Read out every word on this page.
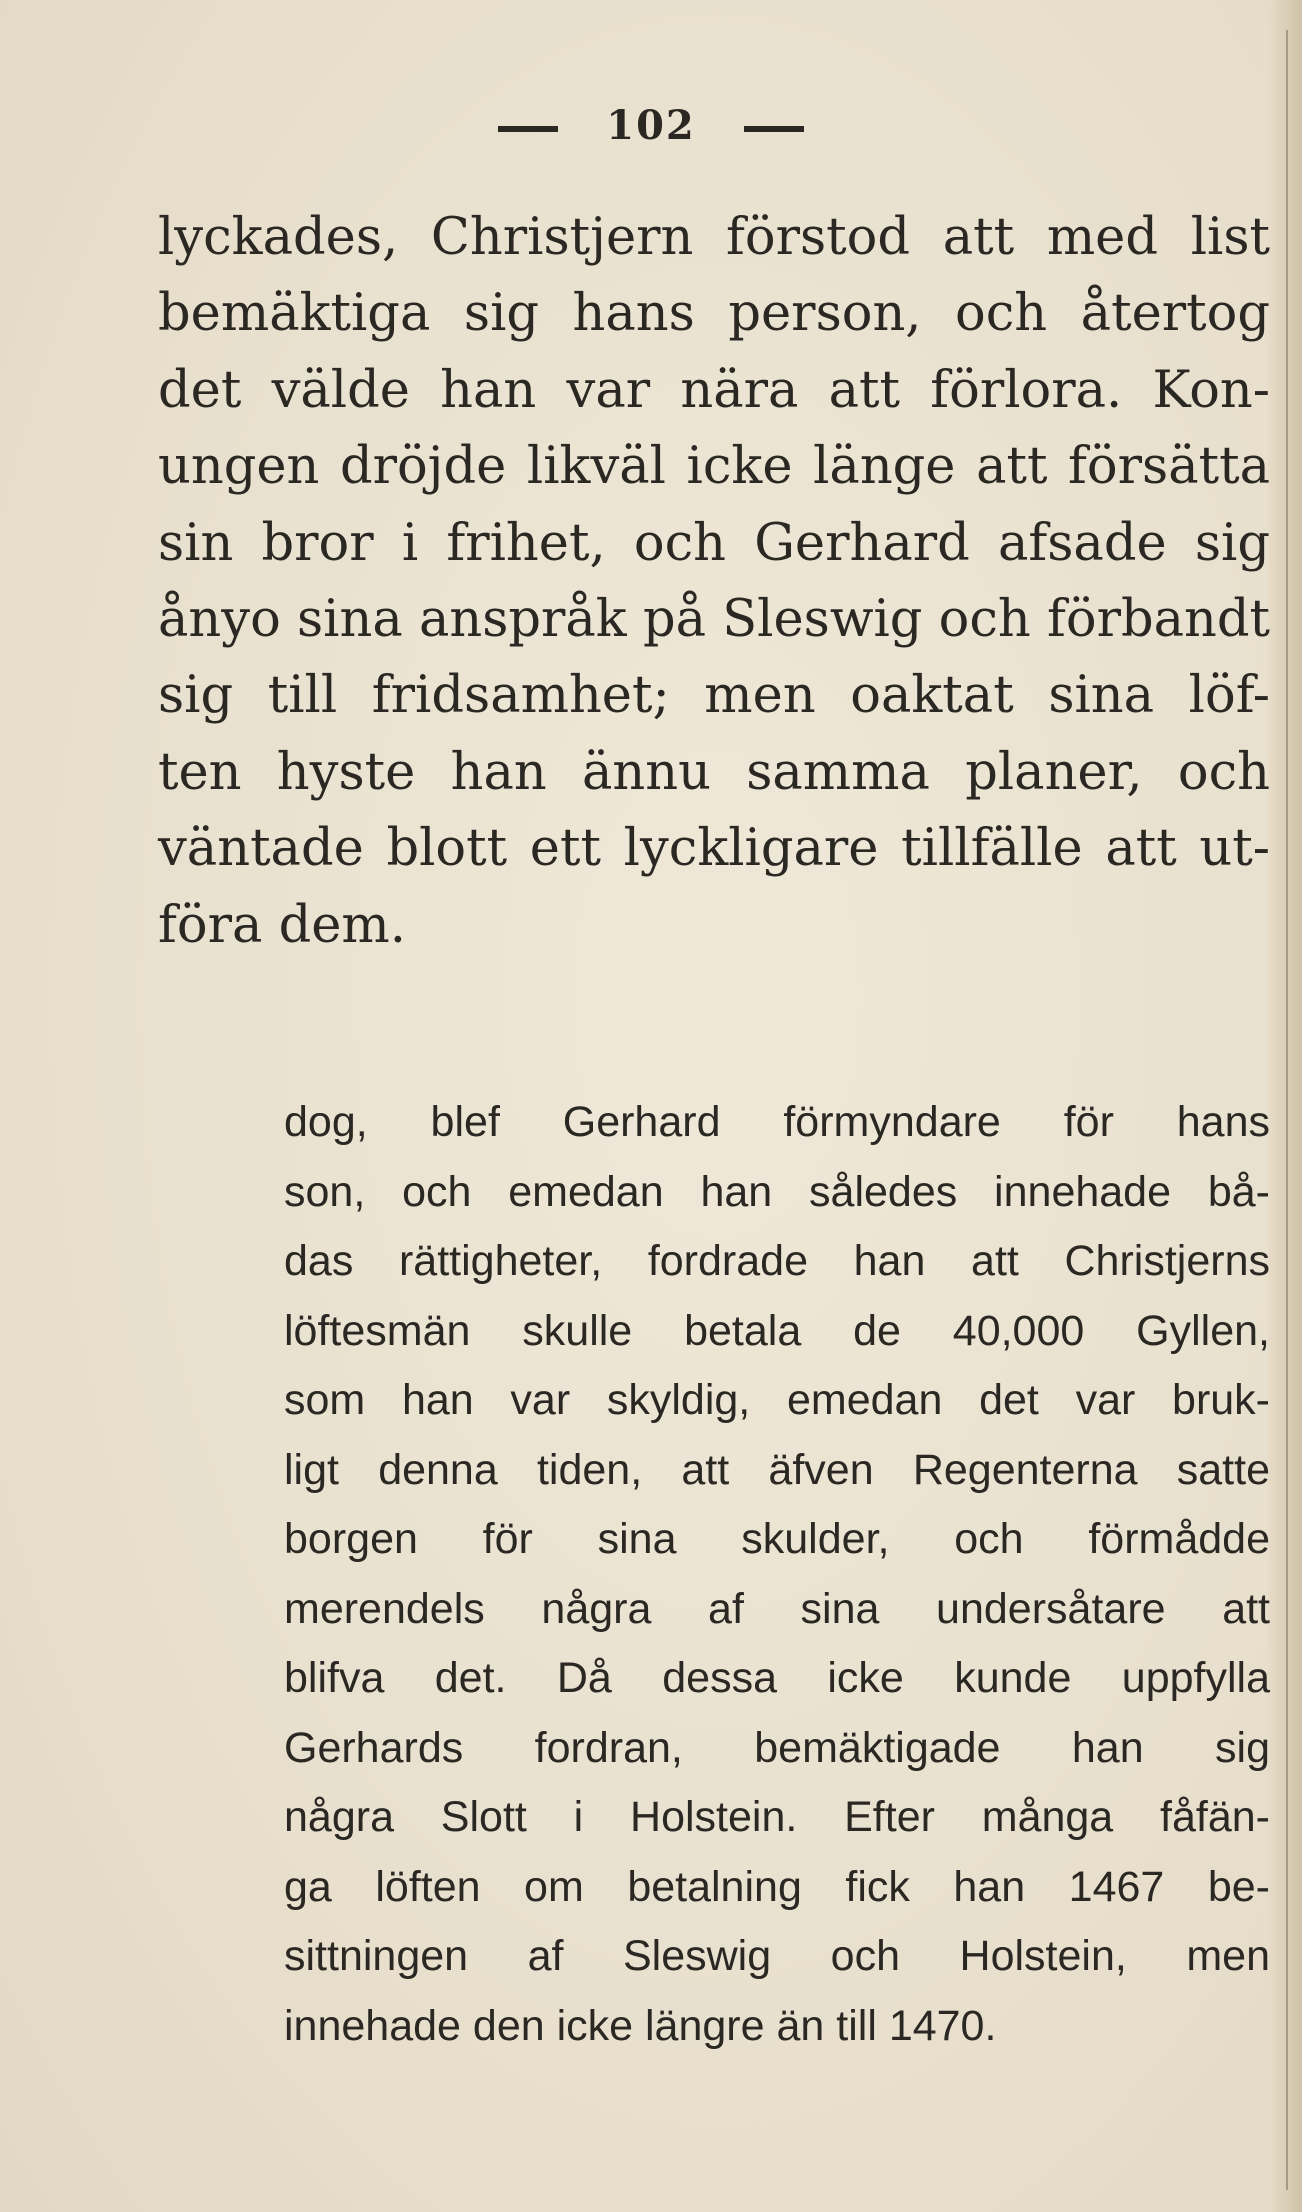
102
lyckades, Christjern förstod att med list
bemäktiga sig hans person, och återtog
det välde han var nära att förlora. Kon-
ungen dröjde likväl icke länge att försätta
sin bror i frihet, och Gerhard afsade sig
ånyo sina anspråk på Sleswig och förbandt
sig till fridsamhet; men oaktat sina löf-
ten hyste han ännu samma planer, och
väntade blott ett lyckligare tillfälle att ut-
föra dem.
dog, blef Gerhard förmyndare för hans
son, och emedan han således innehade bå-
das rättigheter, fordrade han att Christjerns
löftesmän skulle betala de 40,000 Gyllen,
som han var skyldig, emedan det var bruk-
ligt denna tiden, att äfven Regenterna satte
borgen för sina skulder, och förmådde
merendels några af sina undersåtare att
blifva det. Då dessa icke kunde uppfylla
Gerhards fordran, bemäktigade han sig
några Slott i Holstein. Efter många fåfän-
ga löften om betalning fick han 1467 be-
sittningen af Sleswig och Holstein, men
innehade den icke längre än till 1470.
